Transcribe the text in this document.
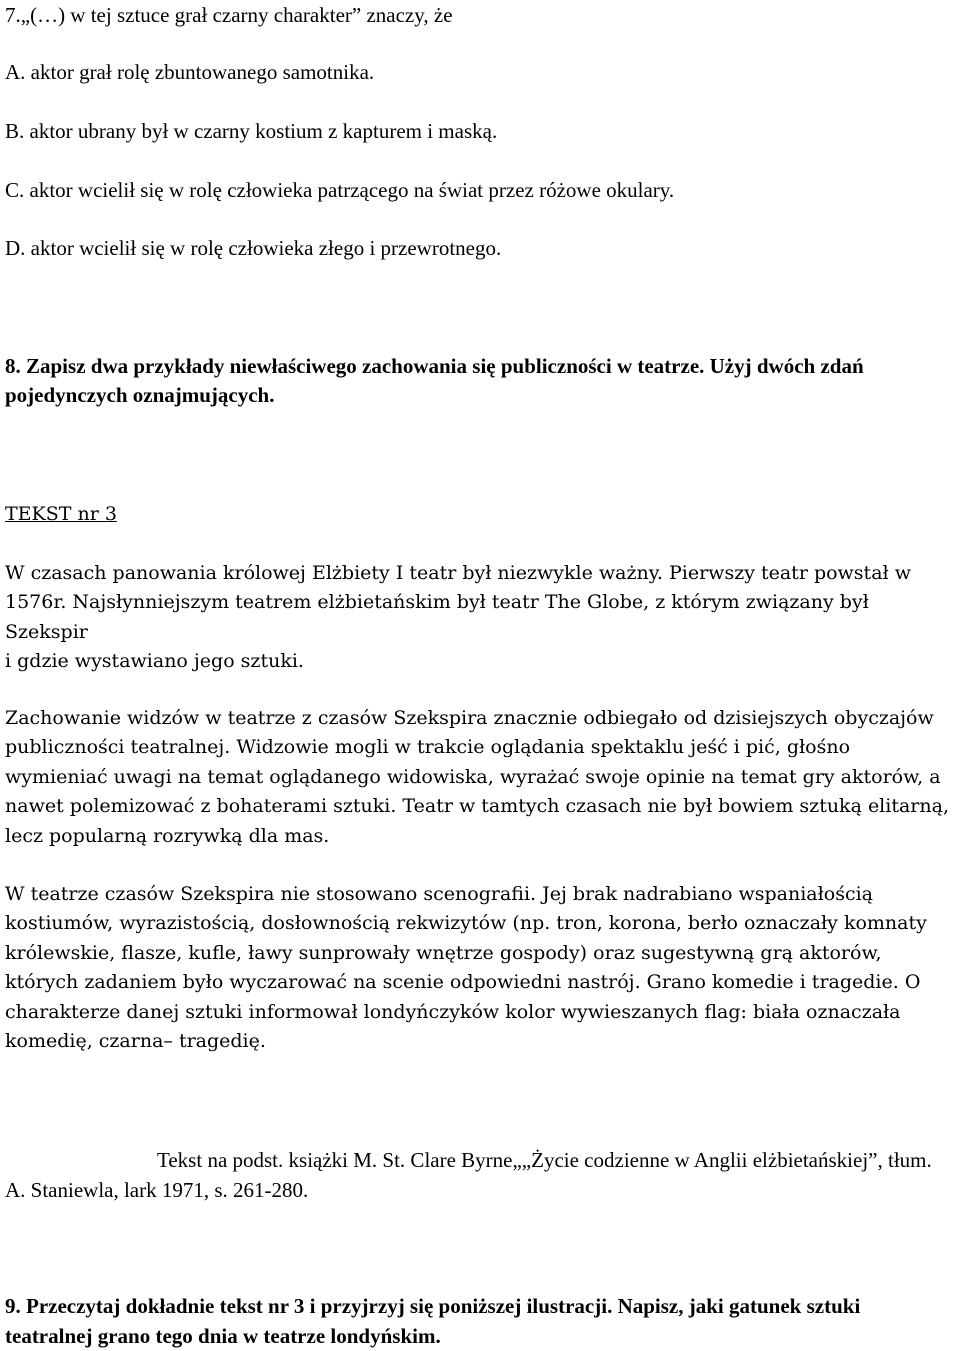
7.„(…) w tej sztuce grał czarny charakter” znaczy, że
A. aktor grał rolę zbuntowanego samotnika.
B. aktor ubrany był w czarny kostium z kapturem i maską.
C. aktor wcielił się w rolę człowieka patrzącego na świat przez różowe okulary.
D. aktor wcielił się w rolę człowieka złego i przewrotnego.
8. Zapisz dwa przykłady niewłaściwego zachowania się publiczności w teatrze. Użyj dwóch zdań pojedynczych oznajmujących.
TEKST nr 3
W czasach panowania królowej Elżbiety I teatr był niezwykle ważny. Pierwszy teatr powstał w 1576r. Najsłynniejszym teatrem elżbietańskim był teatr The Globe, z którym związany był Szekspir
i gdzie wystawiano jego sztuki.
Zachowanie widzów w teatrze z czasów Szekspira znacznie odbiegało od dzisiejszych obyczajów publiczności teatralnej. Widzowie mogli w trakcie oglądania spektaklu jeść i pić, głośno wymieniać uwagi na temat oglądanego widowiska, wyrażać swoje opinie na temat gry aktorów, a nawet polemizować z bohaterami sztuki. Teatr w tamtych czasach nie był bowiem sztuką elitarną, lecz popularną rozrywką dla mas.
W teatrze czasów Szekspira nie stosowano scenografii. Jej brak nadrabiano wspaniałością kostiumów, wyrazistością, dosłownością rekwizytów (np. tron, korona, berło oznaczały komnaty królewskie, flasze, kufle, ławy sunprowały wnętrze gospody) oraz sugestywną grą aktorów, których zadaniem było wyczarować na scenie odpowiedni nastrój. Grano komedie i tragedie. O charakterze danej sztuki informował londyńczyków kolor wywieszanych flag: biała oznaczała komedię, czarna– tragedię.
Tekst na podst. książki M. St. Clare Byrne„„Życie codzienne w Anglii elżbietańskiej”, tłum. A. Staniewla, lark 1971, s. 261-280.
9. Przeczytaj dokładnie tekst nr 3 i przyjrzyj się poniższej ilustracji. Napisz, jaki gatunek sztuki teatralnej grano tego dnia w teatrze londyńskim.
